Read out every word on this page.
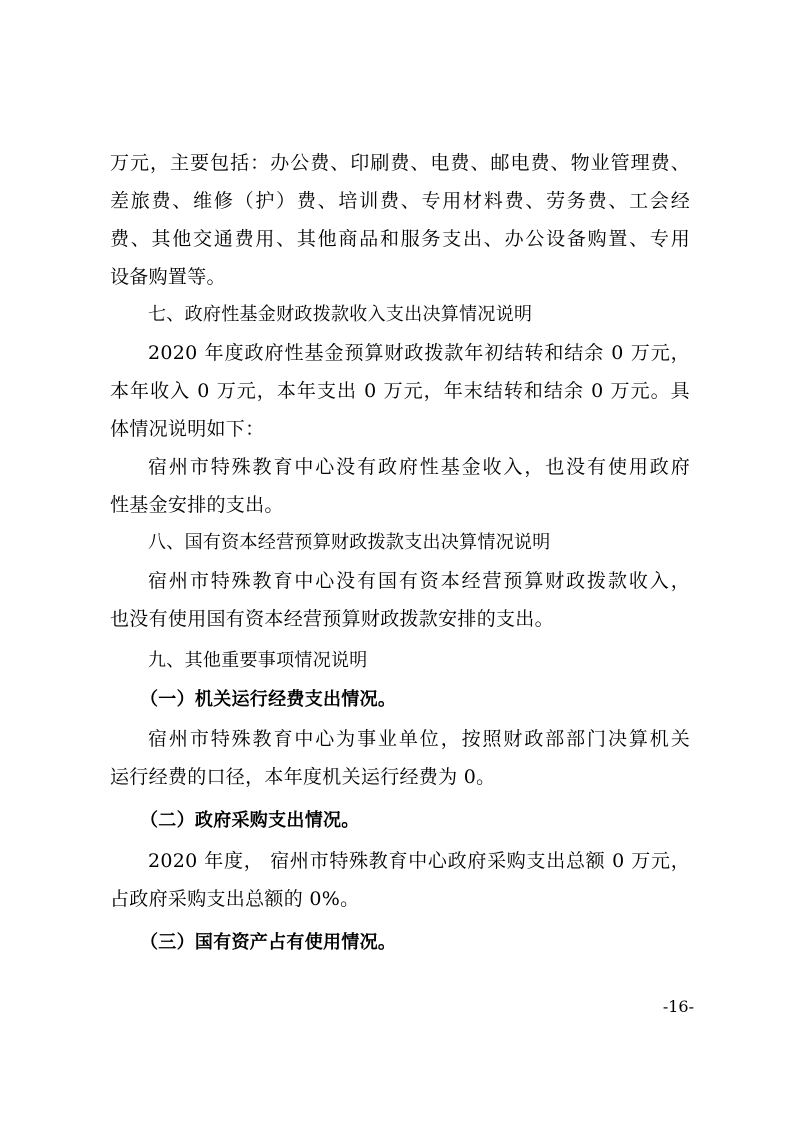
万元，主要包括：办公费、印刷费、电费、邮电费、物业管理费、
差旅费、维修（护）费、培训费、专用材料费、劳务费、工会经
费、其他交通费用、其他商品和服务支出、办公设备购置、专用
设备购置等。
七、政府性基金财政拨款收入支出决算情况说明
2020 年度政府性基金预算财政拨款年初结转和结余 0 万元，
本年收入 0 万元，本年支出 0 万元，年末结转和结余 0 万元。具
体情况说明如下：
宿州市特殊教育中心没有政府性基金收入，也没有使用政府
性基金安排的支出。
八、国有资本经营预算财政拨款支出决算情况说明
宿州市特殊教育中心没有国有资本经营预算财政拨款收入，
也没有使用国有资本经营预算财政拨款安排的支出。
九、其他重要事项情况说明
（一）机关运行经费支出情况。
宿州市特殊教育中心为事业单位，按照财政部部门决算机关
运行经费的口径，本年度机关运行经费为 0。
（二）政府采购支出情况。
2020 年度， 宿州市特殊教育中心政府采购支出总额 0 万元，
占政府采购支出总额的 0%。
（三）国有资产占有使用情况。
-16-
